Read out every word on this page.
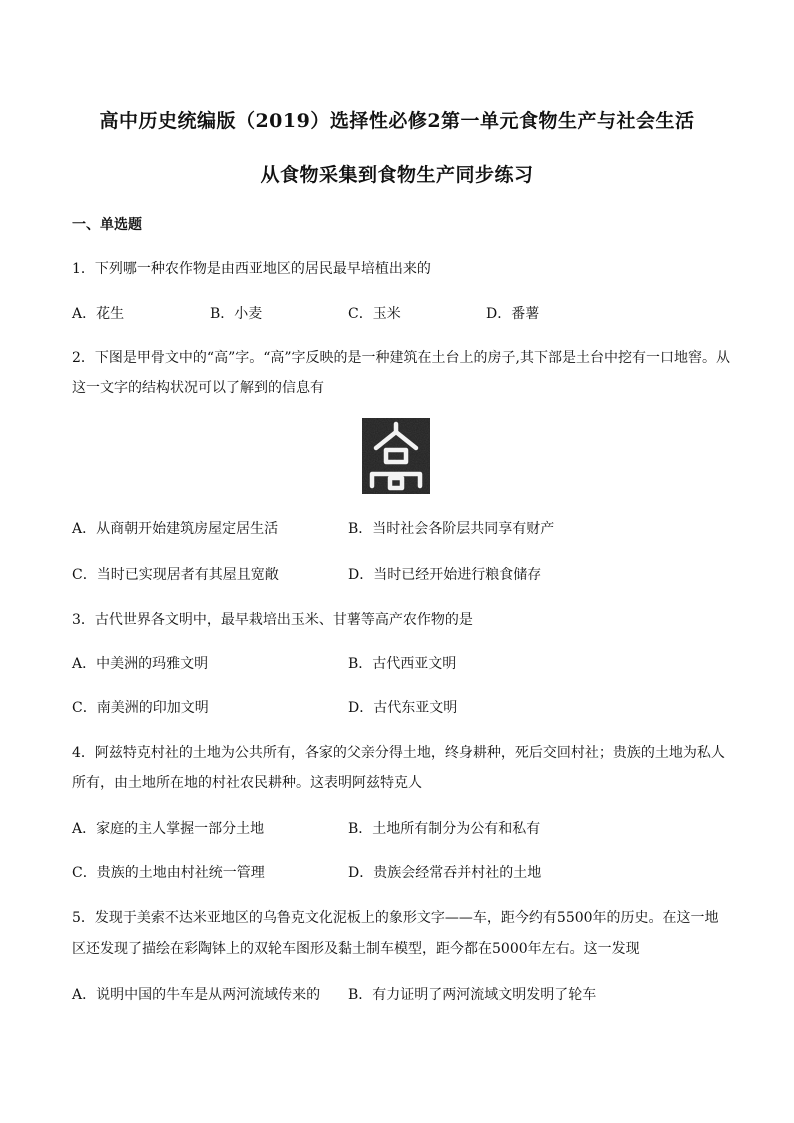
高中历史统编版（2019）选择性必修2第一单元食物生产与社会生活
从食物采集到食物生产同步练习
一、单选题
1．下列哪一种农作物是由西亚地区的居民最早培植出来的
A．花生	B．小麦	C．玉米	D．番薯
2．下图是甲骨文中的“高”字。“高”字反映的是一种建筑在土台上的房子,其下部是土台中挖有一口地窖。从
这一文字的结构状况可以了解到的信息有
A．从商朝开始建筑房屋定居生活	B．当时社会各阶层共同享有财产
C．当时已实现居者有其屋且宽敞	D．当时已经开始进行粮食储存
3．古代世界各文明中，最早栽培出玉米、甘薯等高产农作物的是
A．中美洲的玛雅文明	B．古代西亚文明
C．南美洲的印加文明	D．古代东亚文明
4．阿兹特克村社的土地为公共所有，各家的父亲分得土地，终身耕种，死后交回村社；贵族的土地为私人
所有，由土地所在地的村社农民耕种。这表明阿兹特克人
A．家庭的主人掌握一部分土地	B．土地所有制分为公有和私有
C．贵族的土地由村社统一管理	D．贵族会经常吞并村社的土地
5．发现于美索不达米亚地区的乌鲁克文化泥板上的象形文字——车，距今约有5500年的历史。在这一地
区还发现了描绘在彩陶钵上的双轮车图形及黏土制车模型，距今都在5000年左右。这一发现
A．说明中国的牛车是从两河流域传来的 B．有力证明了两河流域文明发明了轮车
